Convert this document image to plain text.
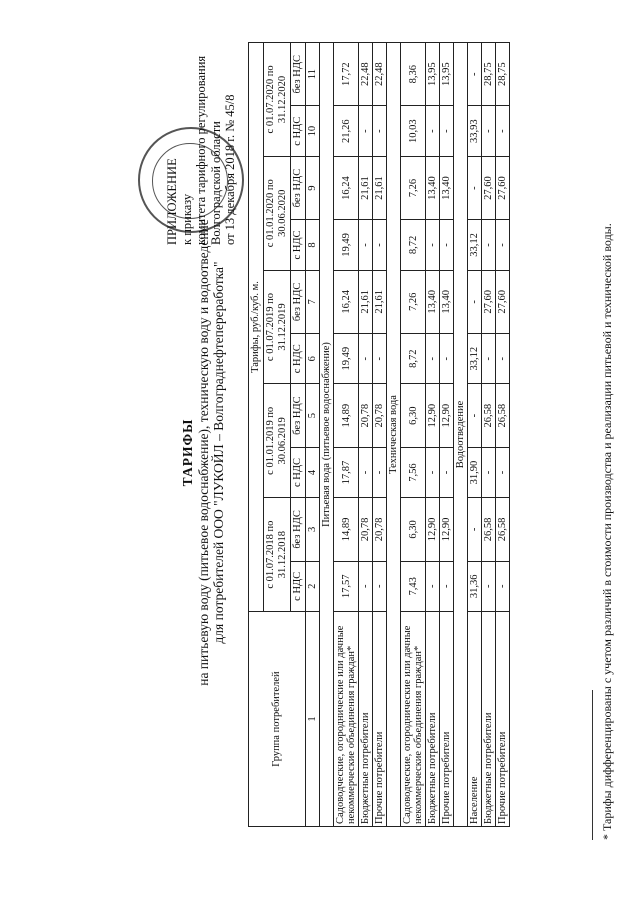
ПРИЛОЖЕНИЕ к приказу комитета тарифного регулирования Волгоградской области от 13 декабря 2018 г. № 45/8
ТАРИФЫ на питьевую воду (питьевое водоснабжение), техническую воду и водоотведение для потребителей ООО "ЛУКОЙЛ – Волгограднефтепереработка"
Группа потребителей	Тарифы, руб./куб. м.									
	с 01.07.2018 по 31.12.2018		с 01.01.2019 по 30.06.2019		с 01.07.2019 по 31.12.2019		с 01.01.2020 по 30.06.2020		с 01.07.2020 по 31.12.2020	
	с НДС	без НДС	с НДС	без НДС	с НДС	без НДС	с НДС	без НДС	с НДС	без НДС
1	2	3	4	5	6	7	8	9	10	11
Питьевая вода (питьевое водоснабжение)										
Садоводческие, огороднические или дачные некоммерческие объединения граждан*	17,57	14,89	17,87	14,89	19,49	16,24	19,49	16,24	21,26	17,72
Бюджетные потребители	-	20,78	-	20,78	-	21,61	-	21,61	-	22,48
Прочие потребители	-	20,78	-	20,78	-	21,61	-	21,61	-	22,48
Техническая вода										
Садоводческие, огороднические или дачные некоммерческие объединения граждан*	7,43	6,30	7,56	6,30	8,72	7,26	8,72	7,26	10,03	8,36
Бюджетные потребители	-	12,90	-	12,90	-	13,40	-	13,40	-	13,95
Прочие потребители	-	12,90	-	12,90	-	13,40	-	13,40	-	13,95
Водоотведение										
Население	31,36	-	31,90	-	33,12	-	33,12	-	33,93	-
Бюджетные потребители	-	26,58	-	26,58	-	27,60	-	27,60	-	28,75
Прочие потребители	-	26,58	-	26,58	-	27,60	-	27,60	-	28,75
* Тарифы дифференцированы с учетом различий в стоимости производства и реализации питьевой и технической воды.
